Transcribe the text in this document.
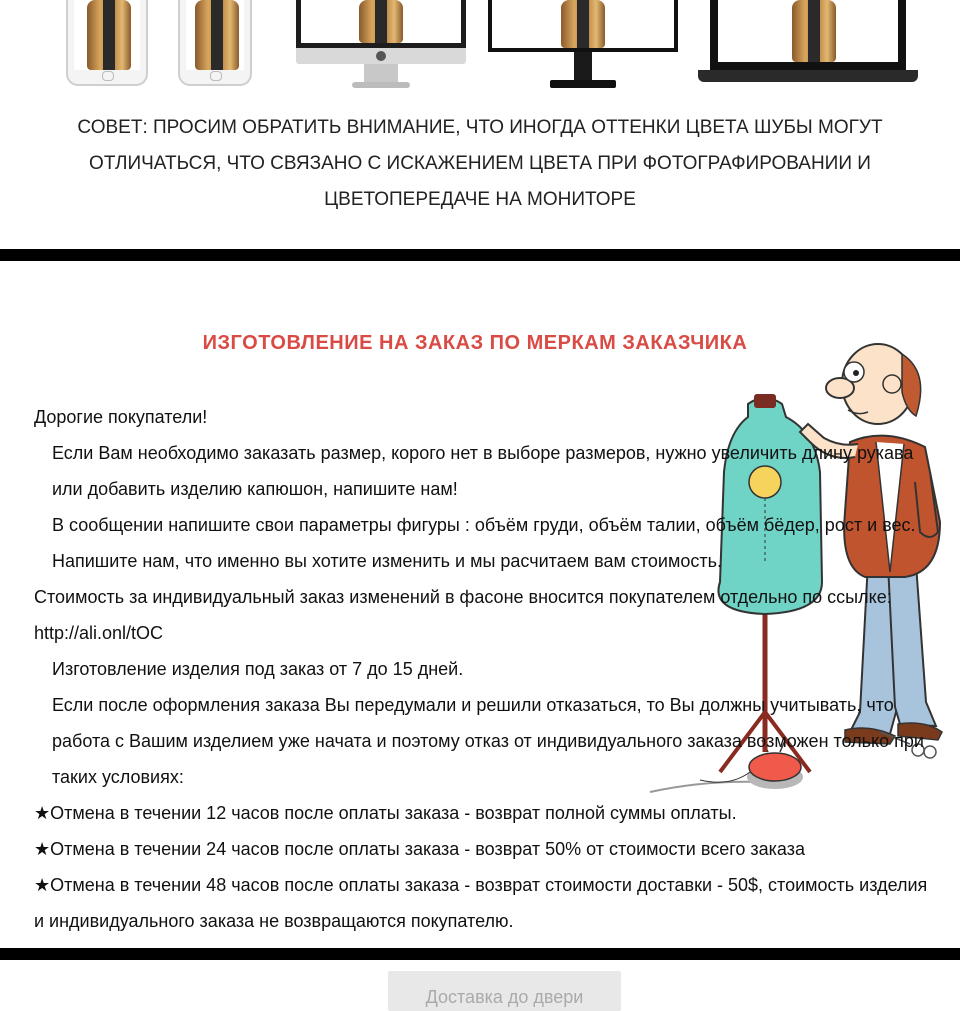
СОВЕТ: ПРОСИМ ОБРАТИТЬ ВНИМАНИЕ, ЧТО ИНОГДА ОТТЕНКИ ЦВЕТА ШУБЫ МОГУТ
ОТЛИЧАТЬСЯ, ЧТО СВЯЗАНО С ИСКАЖЕНИЕМ ЦВЕТА ПРИ ФОТОГРАФИРОВАНИИ И
ЦВЕТОПЕРЕДАЧЕ НА МОНИТОРЕ

ИЗГОТОВЛЕНИЕ НА ЗАКАЗ ПО МЕРКАМ ЗАКАЗЧИКА

Дорогие покупатели!

Если Вам необходимо заказать размер, корого нет в выборе размеров, нужно увеличить длину рукава или добавить изделию капюшон, напишите нам!

В сообщении напишите свои параметры фигуры : объём груди, объём талии, объём бёдер, рост и вес. Напишите нам, что именно вы хотите изменить и мы расчитаем вам стоимость.

Стоимость за индивидуальный заказ изменений в фасоне вносится покупателем отдельно по ссылке: http://ali.onl/tOC

Изготовление изделия под заказ от 7 до 15 дней.

Если после оформления заказа Вы передумали и решили отказаться, то Вы должны учитывать, что работа с Вашим изделием уже начата и поэтому отказ от индивидуального заказа возможен только при таких условиях:

★Отмена в течении 12 часов после оплаты заказа - возврат полной суммы оплаты.

★Отмена в течении 24 часов после оплаты заказа - возврат 50% от стоимости всего заказа

★Отмена в течении 48 часов после оплаты заказа - возврат стоимости доставки - 50$, стоимость изделия и индивидуального заказа не возвращаются покупателю.

Доставка до двери
